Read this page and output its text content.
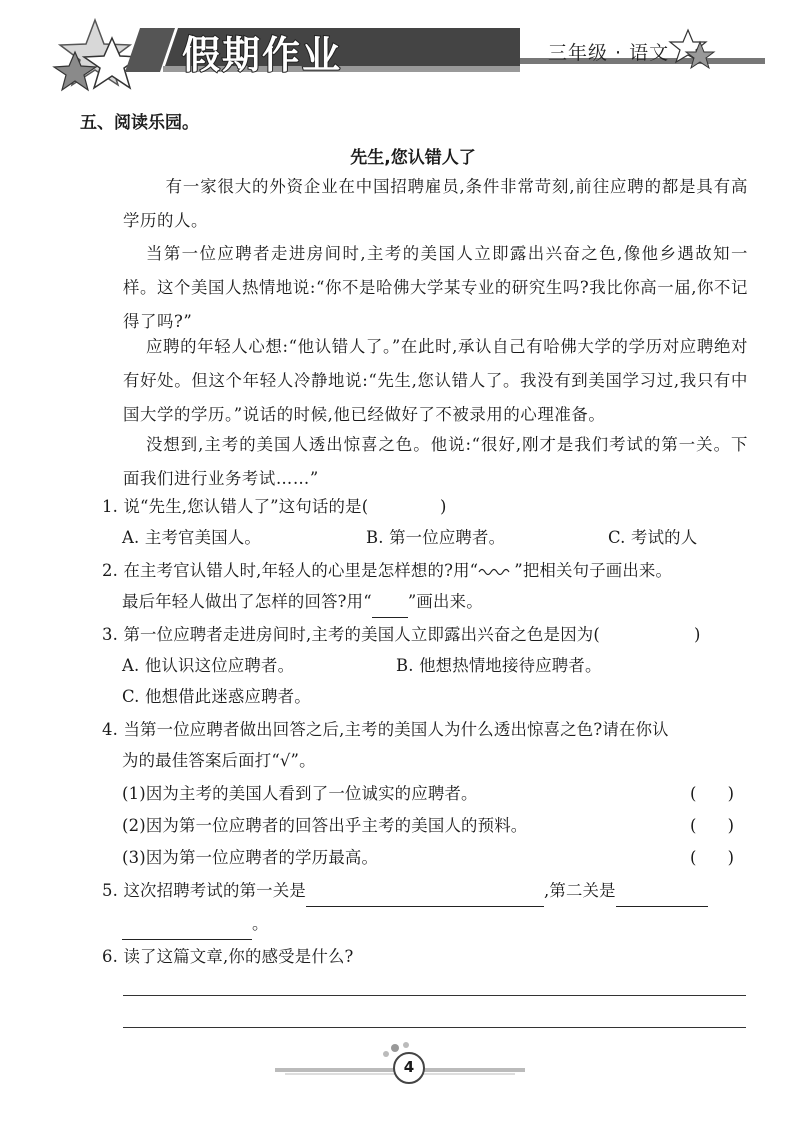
假期作业	三年级 · 语文
五、阅读乐园。
先生,您认错人了
有一家很大的外资企业在中国招聘雇员,条件非常苛刻,前往应聘的都是具有高学历的人。
当第一位应聘者走进房间时,主考的美国人立即露出兴奋之色,像他乡遇故知一样。这个美国人热情地说:“你不是哈佛大学某专业的研究生吗?我比你高一届,你不记得了吗?”
应聘的年轻人心想:“他认错人了。”在此时,承认自己有哈佛大学的学历对应聘绝对有好处。但这个年轻人冷静地说:“先生,您认错人了。我没有到美国学习过,我只有中国大学的学历。”说话的时候,他已经做好了不被录用的心理准备。
没想到,主考的美国人透出惊喜之色。他说:“很好,刚才是我们考试的第一关。下面我们进行业务考试……”
1. 说“先生,您认错人了”这句话的是(	)
A. 主考官美国人。	B. 第一位应聘者。	C. 考试的人
2. 在主考官认错人时,年轻人的心里是怎样想的?用“ ”把相关句子画出来。
最后年轻人做出了怎样的回答?用“ ”画出来。
3. 第一位应聘者走进房间时,主考的美国人立即露出兴奋之色是因为(	)
A. 他认识这位应聘者。	B. 他想热情地接待应聘者。
C. 他想借此迷惑应聘者。
4. 当第一位应聘者做出回答之后,主考的美国人为什么透出惊喜之色?请在你认
为的最佳答案后面打“√”。
(1)因为主考的美国人看到了一位诚实的应聘者。	(      )
(2)因为第一位应聘者的回答出乎主考的美国人的预料。	(      )
(3)因为第一位应聘者的学历最高。	(      )
5. 这次招聘考试的第一关是	,第二关是
。
6. 读了这篇文章,你的感受是什么?
4
